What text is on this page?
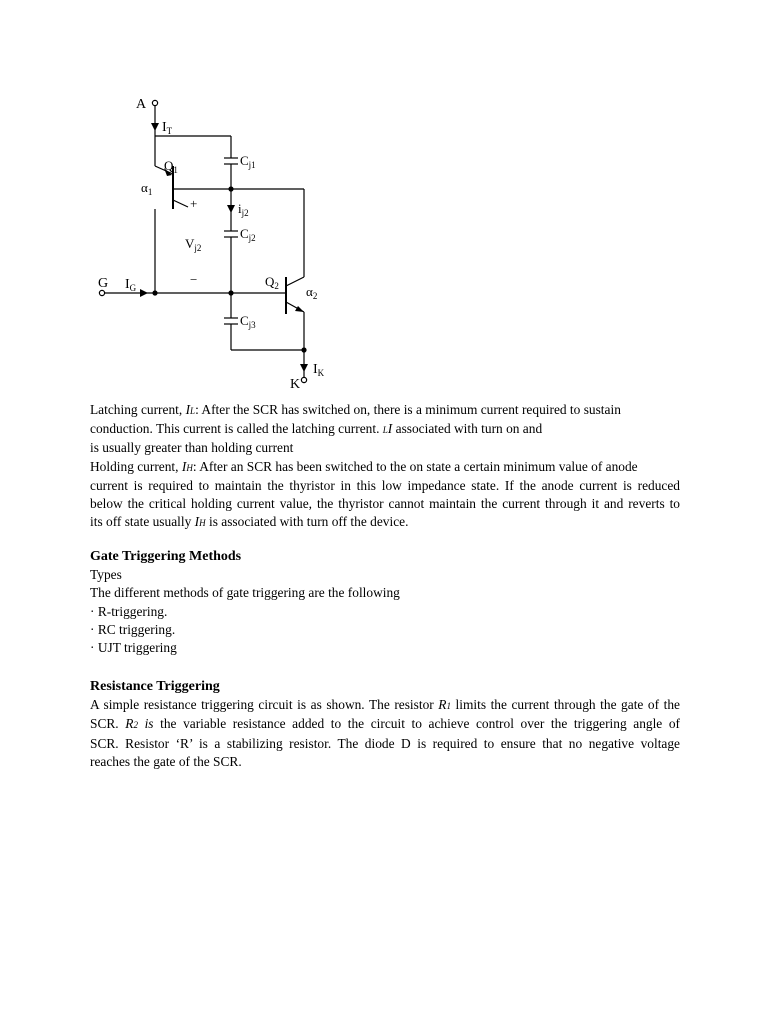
A
$I_T$
$Q_1$
$\alpha_1$
+
$V_{j2}$
−
$C_{j1}$
$i_{j2}$
$C_{j2}$
$C_{j3}$
G $I_G$	$Q_2$ $\alpha_2$
$I_K$
K

Latching current, IL: After the SCR has switched on, there is a minimum current required to sustain

conduction. This current is called the latching current. LI associated with turn on and

is usually greater than holding current

Holding current, IH: After an SCR has been switched to the on state a certain minimum value of anode

current is required to maintain the thyristor in this low impedance state. If the anode current is reduced

below the critical holding current value, the thyristor cannot maintain the current through it and reverts to

its off state usually IH is associated with turn off the device.

Gate Triggering Methods

Types

The different methods of gate triggering are the following

· R-triggering.

· RC triggering.

· UJT triggering

Resistance Triggering

A simple resistance triggering circuit is as shown. The resistor R1 limits the current through the gate of the

SCR. R2 is the variable resistance added to the circuit to achieve control over the triggering angle of

SCR. Resistor ‘R’ is a stabilizing resistor. The diode D is required to ensure that no negative voltage

reaches the gate of the SCR.
